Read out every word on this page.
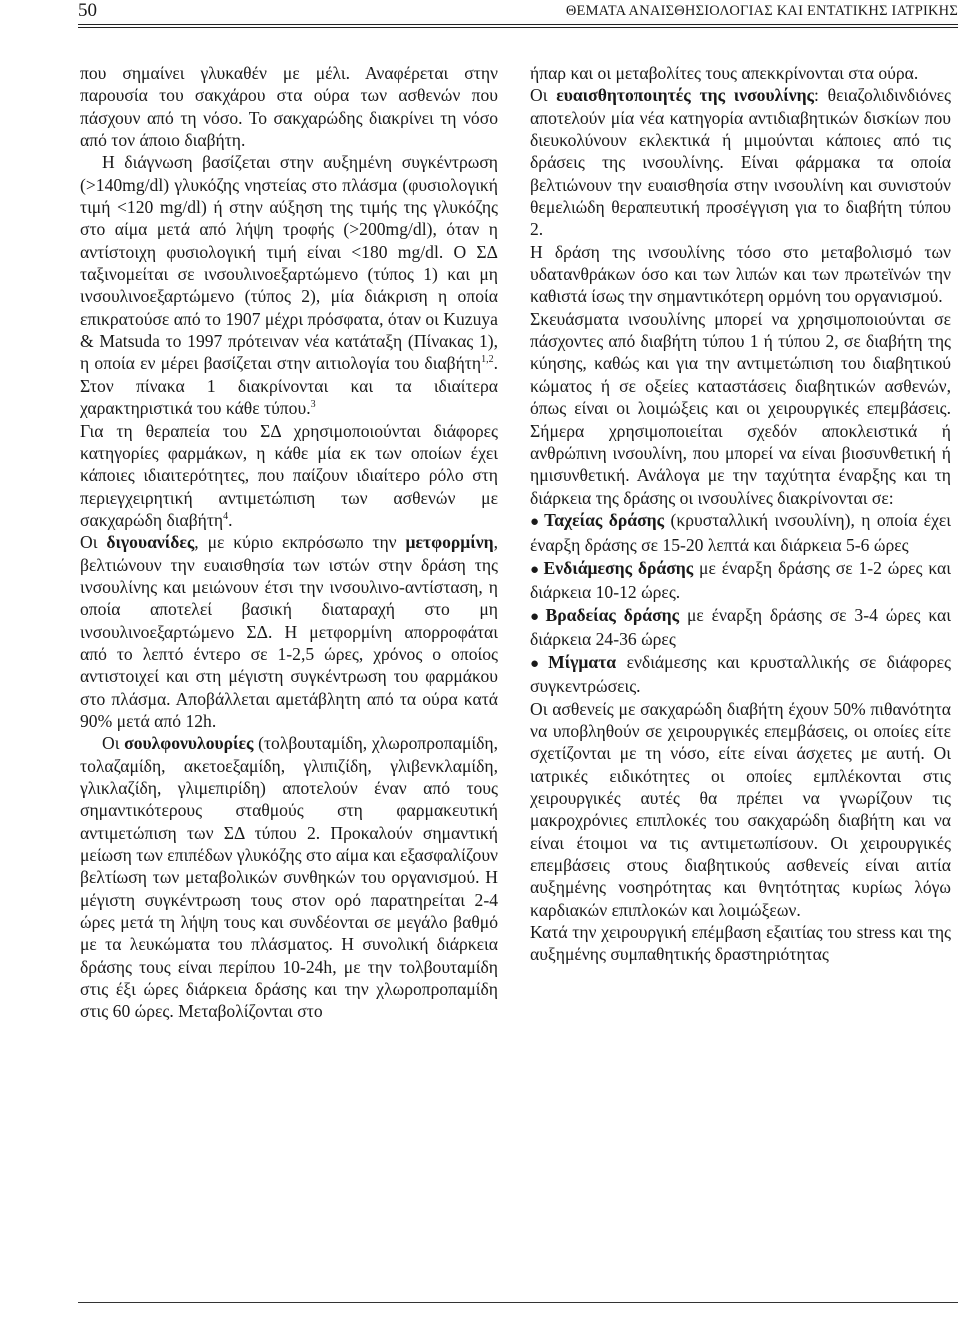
50	ΘΕΜΑΤΑ ΑΝΑΙΣΘΗΣΙΟΛΟΓΙΑΣ ΚΑΙ ΕΝΤΑΤΙΚΗΣ ΙΑΤΡΙΚΗΣ

που σημαίνει γλυκαθέν με μέλι. Αναφέρεται στην παρουσία του σακχάρου στα ούρα των ασθενών που πάσχουν από τη νόσο. Το σακχαρώδης διακρίνει τη νόσο από τον άποιο διαβήτη.

Η διάγνωση βασίζεται στην αυξημένη συγκέντρωση (>140mg/dl) γλυκόζης νηστείας στο πλάσμα (φυσιολογική τιμή <120 mg/dl) ή στην αύξηση της τιμής της γλυκόζης στο αίμα μετά από λήψη τροφής (>200mg/dl), όταν η αντίστοιχη φυσιολογική τιμή είναι <180 mg/dl. Ο ΣΔ ταξινομείται σε ινσουλινοεξαρτώμενο (τύπος 1) και μη ινσουλινοεξαρτώμενο (τύπος 2), μία διάκριση η οποία επικρατούσε από το 1907 μέχρι πρόσφατα, όταν οι Kuzuya & Matsuda το 1997 πρότειναν νέα κατάταξη (Πίνακας 1), η οποία εν μέρει βασίζεται στην αιτιολογία του διαβήτη$^{1,2}$. Στον πίνακα 1 διακρίνονται και τα ιδιαίτερα χαρακτηριστικά του κάθε τύπου.$^3$

Για τη θεραπεία του ΣΔ χρησιμοποιούνται διάφορες κατηγορίες φαρμάκων, η κάθε μία εκ των οποίων έχει κάποιες ιδιαιτερότητες, που παίζουν ιδιαίτερο ρόλο στη περιεγχειρητική αντιμετώπιση των ασθενών με σακχαρώδη διαβήτη$^4$.

Οι διγουανίδες, με κύριο εκπρόσωπο την μετφορμίνη, βελτιώνουν την ευαισθησία των ιστών στην δράση της ινσουλίνης και μειώνουν έτσι την ινσουλινο-αντίσταση, η οποία αποτελεί βασική διαταραχή στο μη ινσουλινοεξαρτώμενο ΣΔ. Η μετφορμίνη απορροφάται από το λεπτό έντερο σε 1-2,5 ώρες, χρόνος ο οποίος αντιστοιχεί και στη μέγιστη συγκέντρωση του φαρμάκου στο πλάσμα. Αποβάλλεται αμετάβλητη από τα ούρα κατά 90% μετά από 12h.

Οι σουλφονυλουρίες (τολβουταμίδη, χλωροπροπαμίδη, τολαζαμίδη, ακετοεξαμίδη, γλιπιζίδη, γλιβενκλαμίδη, γλικλαζίδη, γλιμεπιρίδη) αποτελούν έναν από τους σημαντικότερους σταθμούς στη φαρμακευτική αντιμετώπιση των ΣΔ τύπου 2. Προκαλούν σημαντική μείωση των επιπέδων γλυκόζης στο αίμα και εξασφαλίζουν βελτίωση των μεταβολικών συνθηκών του οργανισμού. Η μέγιστη συγκέντρωση τους στον ορό παρατηρείται 2-4 ώρες μετά τη λήψη τους και συνδέονται σε μεγάλο βαθμό με τα λευκώματα του πλάσματος. Η συνολική διάρκεια δράσης τους είναι περίπου 10-24h, με την τολβουταμίδη στις έξι ώρες διάρκεια δράσης και την χλωροπροπαμίδη στις 60 ώρες. Μεταβολίζονται στο

ήπαρ και οι μεταβολίτες τους απεκκρίνονται στα ούρα.

Οι ευαισθητοποιητές της ινσουλίνης: θειαζολιδινδιόνες αποτελούν μία νέα κατηγορία αντιδιαβητικών δισκίων που διευκολύνουν εκλεκτικά ή μιμούνται κάποιες από τις δράσεις της ινσουλίνης. Είναι φάρμακα τα οποία βελτιώνουν την ευαισθησία στην ινσουλίνη και συνιστούν θεμελιώδη θεραπευτική προσέγγιση για το διαβήτη τύπου 2.

Η δράση της ινσουλίνης τόσο στο μεταβολισμό των υδατανθράκων όσο και των λιπών και των πρωτεϊνών την καθιστά ίσως την σημαντικότερη ορμόνη του οργανισμού.

Σκευάσματα ινσουλίνης μπορεί να χρησιμοποιούνται σε πάσχοντες από διαβήτη τύπου 1 ή τύπου 2, σε διαβήτη της κύησης, καθώς και για την αντιμετώπιση του διαβητικού κώματος ή σε οξείες καταστάσεις διαβητικών ασθενών, όπως είναι οι λοιμώξεις και οι χειρουργικές επεμβάσεις. Σήμερα χρησιμοποιείται σχεδόν αποκλειστικά ή ανθρώπινη ινσουλίνη, που μπορεί να είναι βιοσυνθετική ή ημισυνθετική. Ανάλογα με την ταχύτητα έναρξης και τη διάρκεια της δράσης οι ινσουλίνες διακρίνονται σε:

● Ταχείας δράσης (κρυσταλλική ινσουλίνη), η οποία έχει έναρξη δράσης σε 15-20 λεπτά και διάρκεια 5-6 ώρες

● Ενδιάμεσης δράσης με έναρξη δράσης σε 1-2 ώρες και διάρκεια 10-12 ώρες.

● Βραδείας δράσης με έναρξη δράσης σε 3-4 ώρες και διάρκεια 24-36 ώρες

● Μίγματα ενδιάμεσης και κρυσταλλικής σε διάφορες συγκεντρώσεις.

Οι ασθενείς με σακχαρώδη διαβήτη έχουν 50% πιθανότητα να υποβληθούν σε χειρουργικές επεμβάσεις, οι οποίες είτε σχετίζονται με τη νόσο, είτε είναι άσχετες με αυτή. Οι ιατρικές ειδικότητες οι οποίες εμπλέκονται στις χειρουργικές αυτές θα πρέπει να γνωρίζουν τις μακροχρόνιες επιπλοκές του σακχαρώδη διαβήτη και να είναι έτοιμοι να τις αντιμετωπίσουν. Οι χειρουργικές επεμβάσεις στους διαβητικούς ασθενείς είναι αιτία αυξημένης νοσηρότητας και θνητότητας κυρίως λόγω καρδιακών επιπλοκών και λοιμώξεων.

Κατά την χειρουργική επέμβαση εξαιτίας του stress και της αυξημένης συμπαθητικής δραστηριότητας
